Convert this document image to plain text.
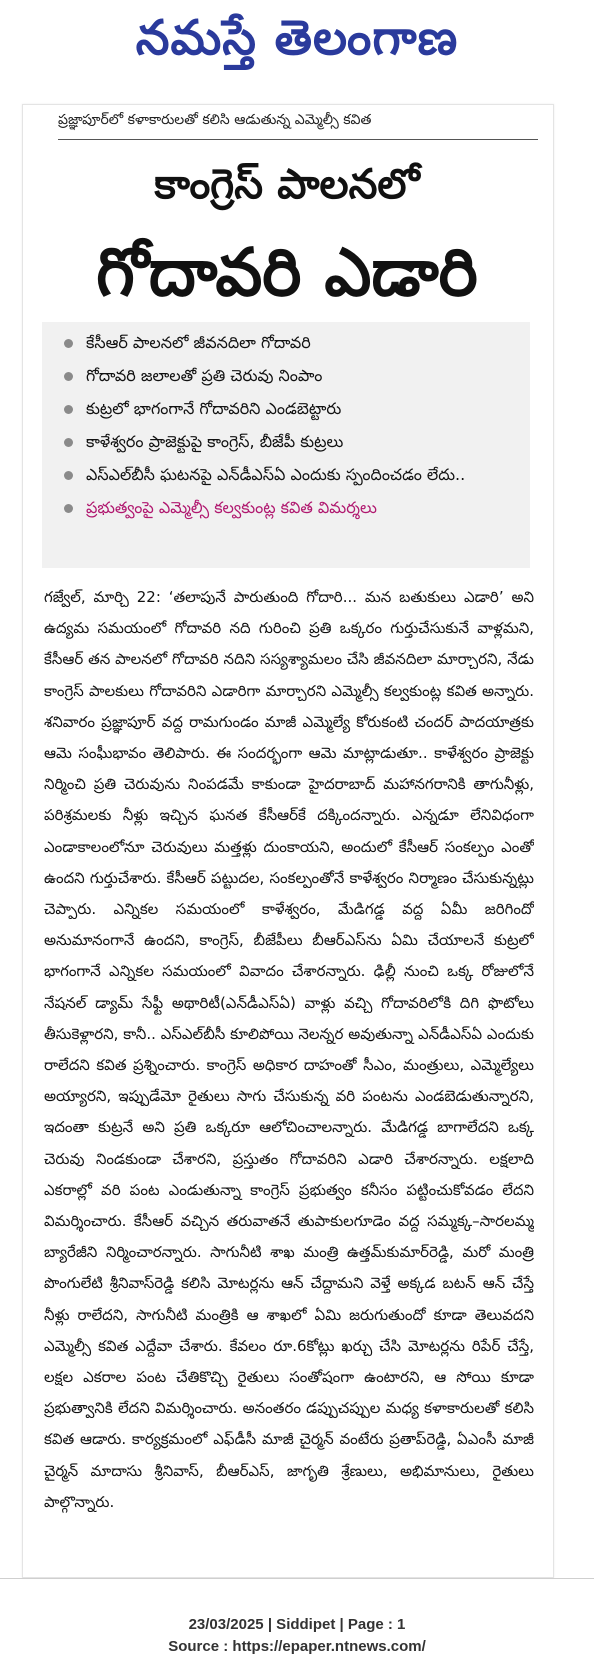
నమస్తే తెలంగాణ
ప్రజ్ఞాపూర్‌లో కళాకారులతో కలిసి ఆడుతున్న ఎమ్మెల్సీ కవిత
కాంగ్రెస్ పాలనలో
గోదావరి ఎడారి
కేసీఆర్ పాలనలో జీవనదిలా గోదావరి
గోదావరి జలాలతో ప్రతి చెరువు నింపాం
కుట్రలో భాగంగానే గోదావరిని ఎండబెట్టారు
కాళేశ్వరం ప్రాజెక్టుపై కాంగ్రెస్, బీజేపీ కుట్రలు
ఎస్ఎల్‌బీసీ ఘటనపై ఎన్‌డీఎస్ఏ ఎందుకు స్పందించడం లేదు..
ప్రభుత్వంపై ఎమ్మెల్సీ కల్వకుంట్ల కవిత విమర్శలు
గజ్వేల్, మార్చి 22: ‘తలాపునే పారుతుంది గోదారి... మన బతుకులు ఎడారి’ అని ఉద్యమ సమయంలో గోదావరి నది గురించి ప్రతి ఒక్కరం గుర్తుచేసుకునే వాళ్లమని, కేసీఆర్ తన పాలనలో గోదావరి నదిని సస్యశ్యామలం చేసి జీవనదిలా మార్చారని, నేడు కాంగ్రెస్ పాలకులు గోదావరిని ఎడారిగా మార్చారని ఎమ్మెల్సీ కల్వకుంట్ల కవిత అన్నారు. శనివారం ప్రజ్ఞాపూర్ వద్ద రామగుండం మాజీ ఎమ్మెల్యే కోరుకంటి చందర్ పాదయాత్రకు ఆమె సంఘీభావం తెలిపారు. ఈ సందర్భంగా ఆమె మాట్లాడుతూ.. కాళేశ్వరం ప్రాజెక్టు నిర్మించి ప్రతి చెరువును నింపడమే కాకుండా హైదరాబాద్ మహానగరానికి తాగునీళ్లు, పరిశ్రమలకు నీళ్లు ఇచ్చిన ఘనత కేసీఆర్‌కే దక్కిందన్నారు. ఎన్నడూ లేనివిధంగా ఎండాకాలంలోనూ చెరువులు మత్తళ్లు దుంకాయని, అందులో కేసీఆర్ సంకల్పం ఎంతో ఉందని గుర్తుచేశారు. కేసీఆర్ పట్టుదల, సంకల్పంతోనే కాళేశ్వరం నిర్మాణం చేసుకున్నట్లు చెప్పారు. ఎన్నికల సమయంలో కాళేశ్వరం, మేడిగడ్డ వద్ద ఏమీ జరిగిందో అనుమానంగానే ఉందని, కాంగ్రెస్, బీజేపీలు బీఆర్ఎస్‌ను ఏమి చేయాలనే కుట్రలో భాగంగానే ఎన్నికల సమయంలో వివాదం చేశారన్నారు. ఢిల్లీ నుంచి ఒక్క రోజులోనే నేషనల్ డ్యామ్ సేఫ్టీ అథారిటీ(ఎన్‌డీఎస్ఏ) వాళ్లు వచ్చి గోదావరిలోకి దిగి ఫొటోలు తీసుకెళ్లారని, కానీ.. ఎస్ఎల్‌బీసీ కూలిపోయి నెలన్నర అవుతున్నా ఎన్‌డీఎస్ఏ ఎందుకు రాలేదని కవిత ప్రశ్నించారు. కాంగ్రెస్ అధికార దాహంతో సీఎం, మంత్రులు, ఎమ్మెల్యేలు అయ్యారని, ఇప్పుడేమో రైతులు సాగు చేసుకున్న వరి పంటను ఎండబెడుతున్నారని, ఇదంతా కుట్రనే అని ప్రతి ఒక్కరూ ఆలోచించాలన్నారు. మేడిగడ్డ బాగాలేదని ఒక్క చెరువు నిండకుండా చేశారని, ప్రస్తుతం గోదావరిని ఎడారి చేశారన్నారు. లక్షలాది ఎకరాల్లో వరి పంట ఎండుతున్నా కాంగ్రెస్ ప్రభుత్వం కనీసం పట్టించుకోవడం లేదని విమర్శించారు. కేసీఆర్ వచ్చిన తరువాతనే తుపాకులగూడెం వద్ద సమ్మక్క–సారలమ్మ బ్యారేజీని నిర్మించారన్నారు. సాగునీటి శాఖ మంత్రి ఉత్తమ్‌కుమార్‌రెడ్డి, మరో మంత్రి పొంగులేటి శ్రీనివాస్‌రెడ్డి కలిసి మోటర్లను ఆన్ చేద్దామని వెళ్తే అక్కడ బటన్ ఆన్ చేస్తే నీళ్లు రాలేదని, సాగునీటి మంత్రికి ఆ శాఖలో ఏమి జరుగుతుందో కూడా తెలువదని ఎమ్మెల్సీ కవిత ఎద్దేవా చేశారు. కేవలం రూ.6కోట్లు ఖర్చు చేసి మోటర్లను రిపేర్ చేస్తే, లక్షల ఎకరాల పంట చేతికొచ్చి రైతులు సంతోషంగా ఉంటారని, ఆ సోయి కూడా ప్రభుత్వానికి లేదని విమర్శించారు. అనంతరం డప్పుచప్పుల మధ్య కళాకారులతో కలిసి కవిత ఆడారు. కార్యక్రమంలో ఎఫ్‌డీసీ మాజీ చైర్మన్ వంటేరు ప్రతాప్‌రెడ్డి, ఏఎంసీ మాజీ చైర్మన్ మాదాసు శ్రీనివాస్, బీఆర్ఎస్, జాగృతి శ్రేణులు, అభిమానులు, రైతులు పాల్గొన్నారు.
23/03/2025 | Siddipet | Page : 1
Source : https://epaper.ntnews.com/
